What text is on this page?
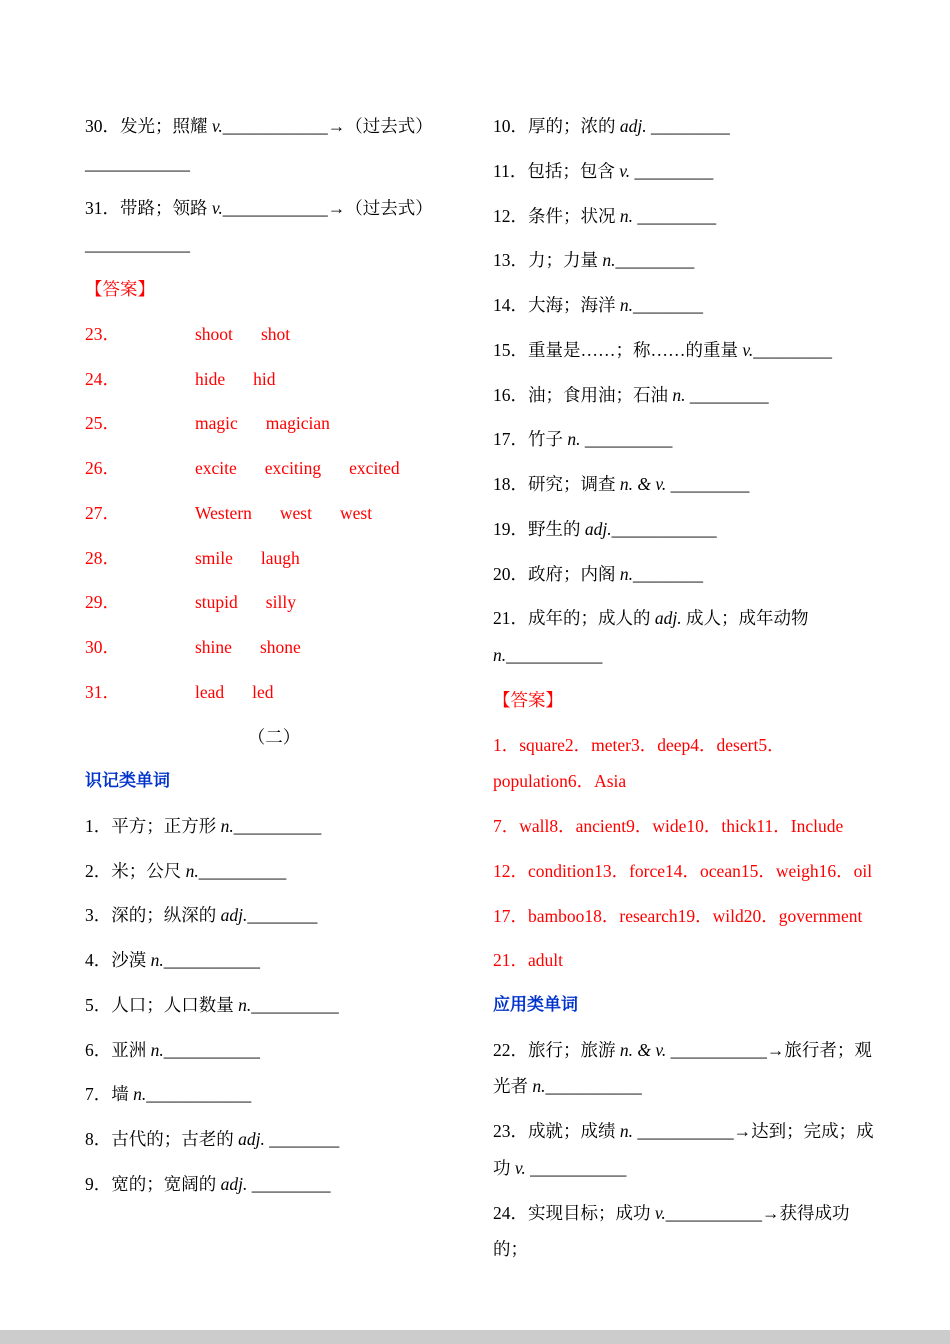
30．发光；照耀 v.____________→（过去式）____________
31．带路；领路 v.____________→（过去式）____________
【答案】
23．	shoot shot
24．	hide hid
25．	magic magician
26．	excite exciting excited
27．	Western west west
28．	smile laugh
29．	stupid silly
30．	shine shone
31．	lead led
（二）
识记类单词
1．平方；正方形 n.__________
2．米；公尺 n.__________
3．深的；纵深的 adj.________
4．沙漠 n.___________
5．人口；人口数量 n.__________
6．亚洲 n.___________
7．墙 n.____________
8．古代的；古老的 adj. ________
9．宽的；宽阔的 adj. _________
10．厚的；浓的 adj. _________
11．包括；包含 v. _________
12．条件；状况 n. _________
13．力；力量 n._________
14．大海；海洋 n.________
15．重量是……；称……的重量 v._________
16．油；食用油；石油 n. _________
17．竹子 n. __________
18．研究；调查 n. & v. _________
19．野生的 adj.____________
20．政府；内阁 n.________
21．成年的；成人的 adj. 成人；成年动物 n.___________
【答案】
1．square2．meter3．deep4．desert5．population6．Asia
7．wall8．ancient9．wide10．thick11．Include
12．condition13．force14．ocean15．weigh16．oil
17．bamboo18．research19．wild20．government
21．adult
应用类单词
22．旅行；旅游 n. & v. ___________→旅行者；观光者 n.___________
23．成就；成绩 n. ___________→达到；完成；成功 v. ___________
24．实现目标；成功 v.___________→获得成功的；
